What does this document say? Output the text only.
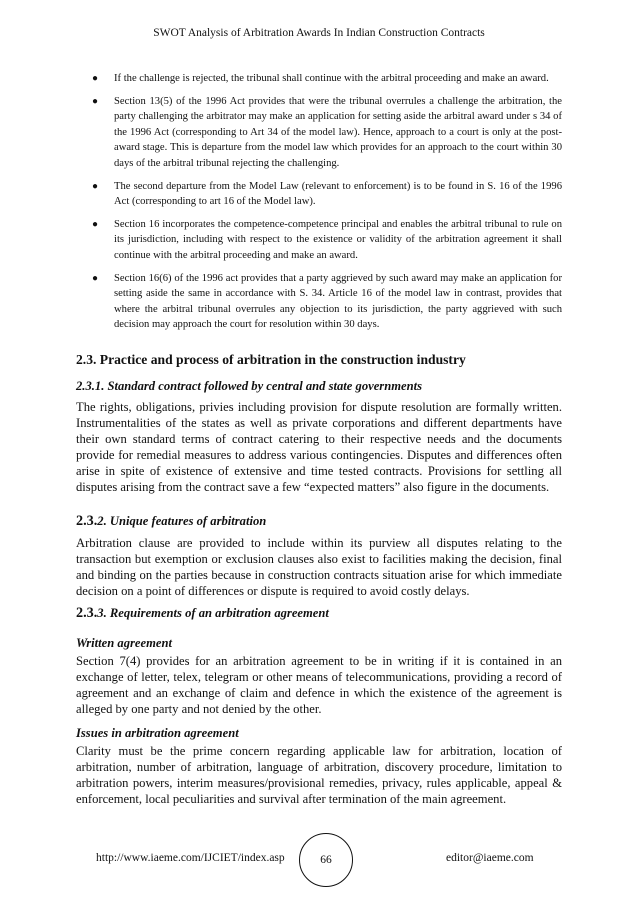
SWOT Analysis of Arbitration Awards In Indian Construction Contracts
● If the challenge is rejected, the tribunal shall continue with the arbitral proceeding and make an award.
● Section 13(5) of the 1996 Act provides that were the tribunal overrules a challenge the arbitration, the party challenging the arbitrator may make an application for setting aside the arbitral award under s 34 of the 1996 Act (corresponding to Art 34 of the model law). Hence, approach to a court is only at the post-award stage. This is departure from the model law which provides for an approach to the court within 30 days of the arbitral tribunal rejecting the challenging.
● The second departure from the Model Law (relevant to enforcement) is to be found in S. 16 of the 1996 Act (corresponding to art 16 of the Model law).
● Section 16 incorporates the competence-competence principal and enables the arbitral tribunal to rule on its jurisdiction, including with respect to the existence or validity of the arbitration agreement it shall continue with the arbitral proceeding and make an award.
● Section 16(6) of the 1996 act provides that a party aggrieved by such award may make an application for setting aside the same in accordance with S. 34. Article 16 of the model law in contrast, provides that where the arbitral tribunal overrules any objection to its jurisdiction, the party aggrieved with such decision may approach the court for resolution within 30 days.
2.3. Practice and process of arbitration in the construction industry
2.3.1. Standard contract followed by central and state governments

The rights, obligations, privies including provision for dispute resolution are formally written. Instrumentalities of the states as well as private corporations and different departments have their own standard terms of contract catering to their respective needs and the documents provide for remedial measures to address various contingencies. Disputes and differences often arise in spite of existence of extensive and time tested contracts. Provisions for settling all disputes arising from the contract save a few “expected matters” also figure in the documents.

2.3.2. Unique features of arbitration

Arbitration clause are provided to include within its purview all disputes relating to the transaction but exemption or exclusion clauses also exist to facilities making the decision, final and binding on the parties because in construction contracts situation arise for which immediate decision on a point of differences or dispute is required to avoid costly delays.

2.3.3. Requirements of an arbitration agreement
Written agreement

Section 7(4) provides for an arbitration agreement to be in writing if it is contained in an exchange of letter, telex, telegram or other means of telecommunications, providing a record of agreement and an exchange of claim and defence in which the existence of the agreement is alleged by one party and not denied by the other.

Issues in arbitration agreement

Clarity must be the prime concern regarding applicable law for arbitration, location of arbitration, number of arbitration, language of arbitration, discovery procedure, limitation to arbitration powers, interim measures/provisional remedies, privacy, rules applicable, appeal & enforcement, local peculiarities and survival after termination of the main agreement.

http://www.iaeme.com/IJCIET/index.asp	66	editor@iaeme.com
